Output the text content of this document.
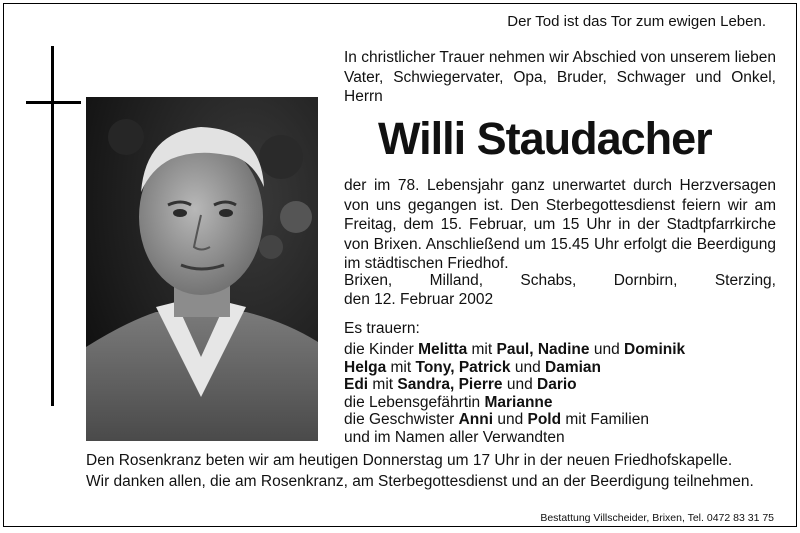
Der Tod ist das Tor zum ewigen Leben.
In christlicher Trauer nehmen wir Abschied von unserem lieben Vater, Schwiegervater, Opa, Bruder, Schwager und Onkel, Herrn
Willi Staudacher
der im 78. Lebensjahr ganz unerwartet durch Herzversagen von uns gegangen ist. Den Sterbegottesdienst feiern wir am Freitag, dem 15. Februar, um 15 Uhr in der Stadtpfarrkirche von Brixen. Anschließend um 15.45 Uhr erfolgt die Beerdigung im städtischen Friedhof.
Brixen, Milland, Schabs, Dornbirn, Sterzing,
den 12. Februar 2002
Es trauern:
die Kinder Melitta mit Paul, Nadine und Dominik
Helga mit Tony, Patrick und Damian
Edi mit Sandra, Pierre und Dario
die Lebensgefährtin Marianne
die Geschwister Anni und Pold mit Familien
und im Namen aller Verwandten
Den Rosenkranz beten wir am heutigen Donnerstag um 17 Uhr in der neuen Friedhofskapelle.
Wir danken allen, die am Rosenkranz, am Sterbegottesdienst und an der Beerdigung teilnehmen.
Bestattung Villscheider, Brixen, Tel. 0472 83 31 75
